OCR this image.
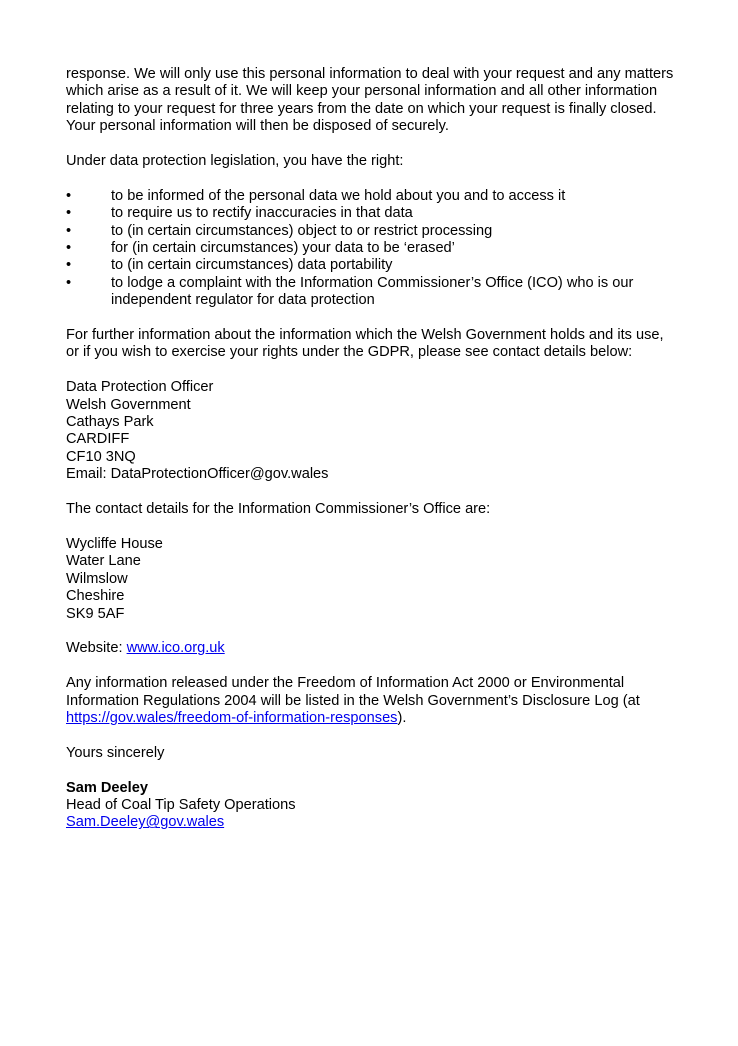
response. We will only use this personal information to deal with your request and any matters which arise as a result of it. We will keep your personal information and all other information relating to your request for three years from the date on which your request is finally closed. Your personal information will then be disposed of securely.

Under data protection legislation, you have the right:

•	to be informed of the personal data we hold about you and to access it
•	to require us to rectify inaccuracies in that data
•	to (in certain circumstances) object to or restrict processing
•	for (in certain circumstances) your data to be ‘erased’
•	to (in certain circumstances) data portability
•	to lodge a complaint with the Information Commissioner’s Office (ICO) who is our independent regulator for data protection

For further information about the information which the Welsh Government holds and its use, or if you wish to exercise your rights under the GDPR, please see contact details below:

Data Protection Officer
Welsh Government
Cathays Park
CARDIFF
CF10 3NQ
Email: DataProtectionOfficer@gov.wales

The contact details for the Information Commissioner’s Office are:

Wycliffe House
Water Lane
Wilmslow
Cheshire
SK9 5AF

Website: www.ico.org.uk

Any information released under the Freedom of Information Act 2000 or Environmental Information Regulations 2004 will be listed in the Welsh Government’s Disclosure Log (at https://gov.wales/freedom-of-information-responses).

Yours sincerely

Sam Deeley
Head of Coal Tip Safety Operations
Sam.Deeley@gov.wales
